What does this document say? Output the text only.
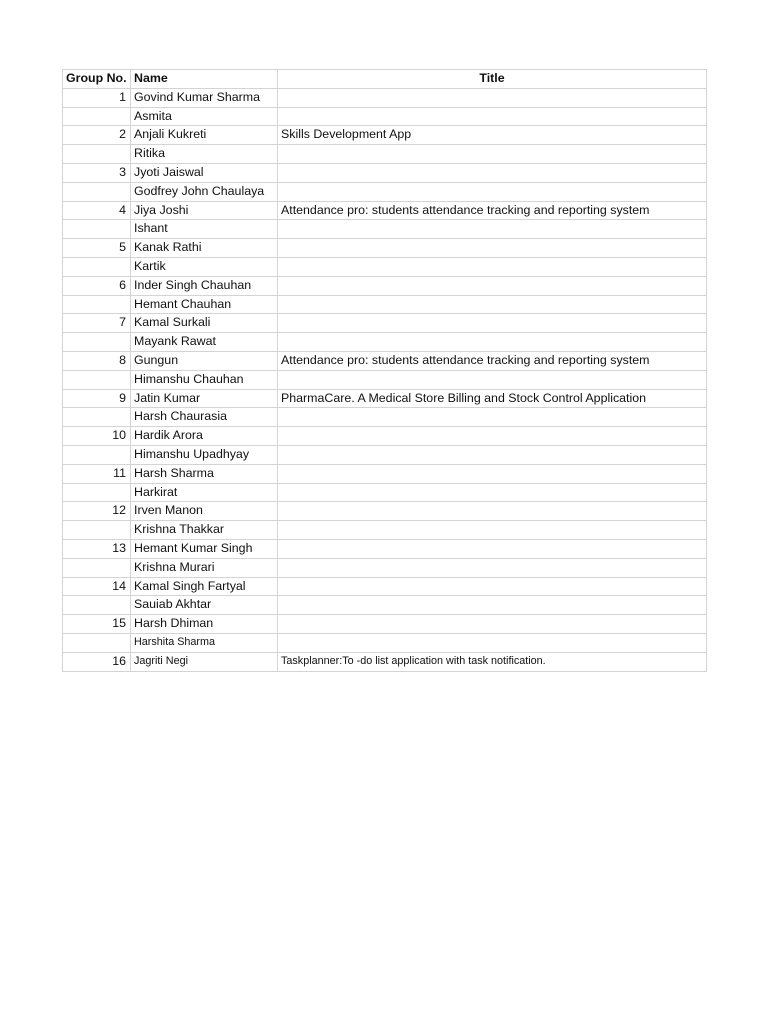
Group No.	Name	Title
1	Govind Kumar Sharma	
	Asmita	
2	Anjali Kukreti	Skills Development App
	Ritika	
3	Jyoti Jaiswal	
	Godfrey John Chaulaya	
4	Jiya Joshi	Attendance pro: students attendance tracking and reporting system
	Ishant	
5	Kanak Rathi	
	Kartik	
6	Inder Singh Chauhan	
	Hemant Chauhan	
7	Kamal Surkali	
	Mayank Rawat	
8	Gungun	Attendance pro: students attendance tracking and reporting system
	Himanshu Chauhan	
9	Jatin Kumar	PharmaCare. A Medical Store Billing and Stock Control Application
	Harsh Chaurasia	
10	Hardik Arora	
	Himanshu Upadhyay	
11	Harsh Sharma	
	Harkirat	
12	Irven Manon	
	Krishna Thakkar	
13	Hemant Kumar Singh	
	Krishna Murari	
14	Kamal Singh Fartyal	
	Sauiab Akhtar	
15	Harsh Dhiman	
	Harshita Sharma	
16	Jagriti Negi	Taskplanner:To -do list application with task notification.
